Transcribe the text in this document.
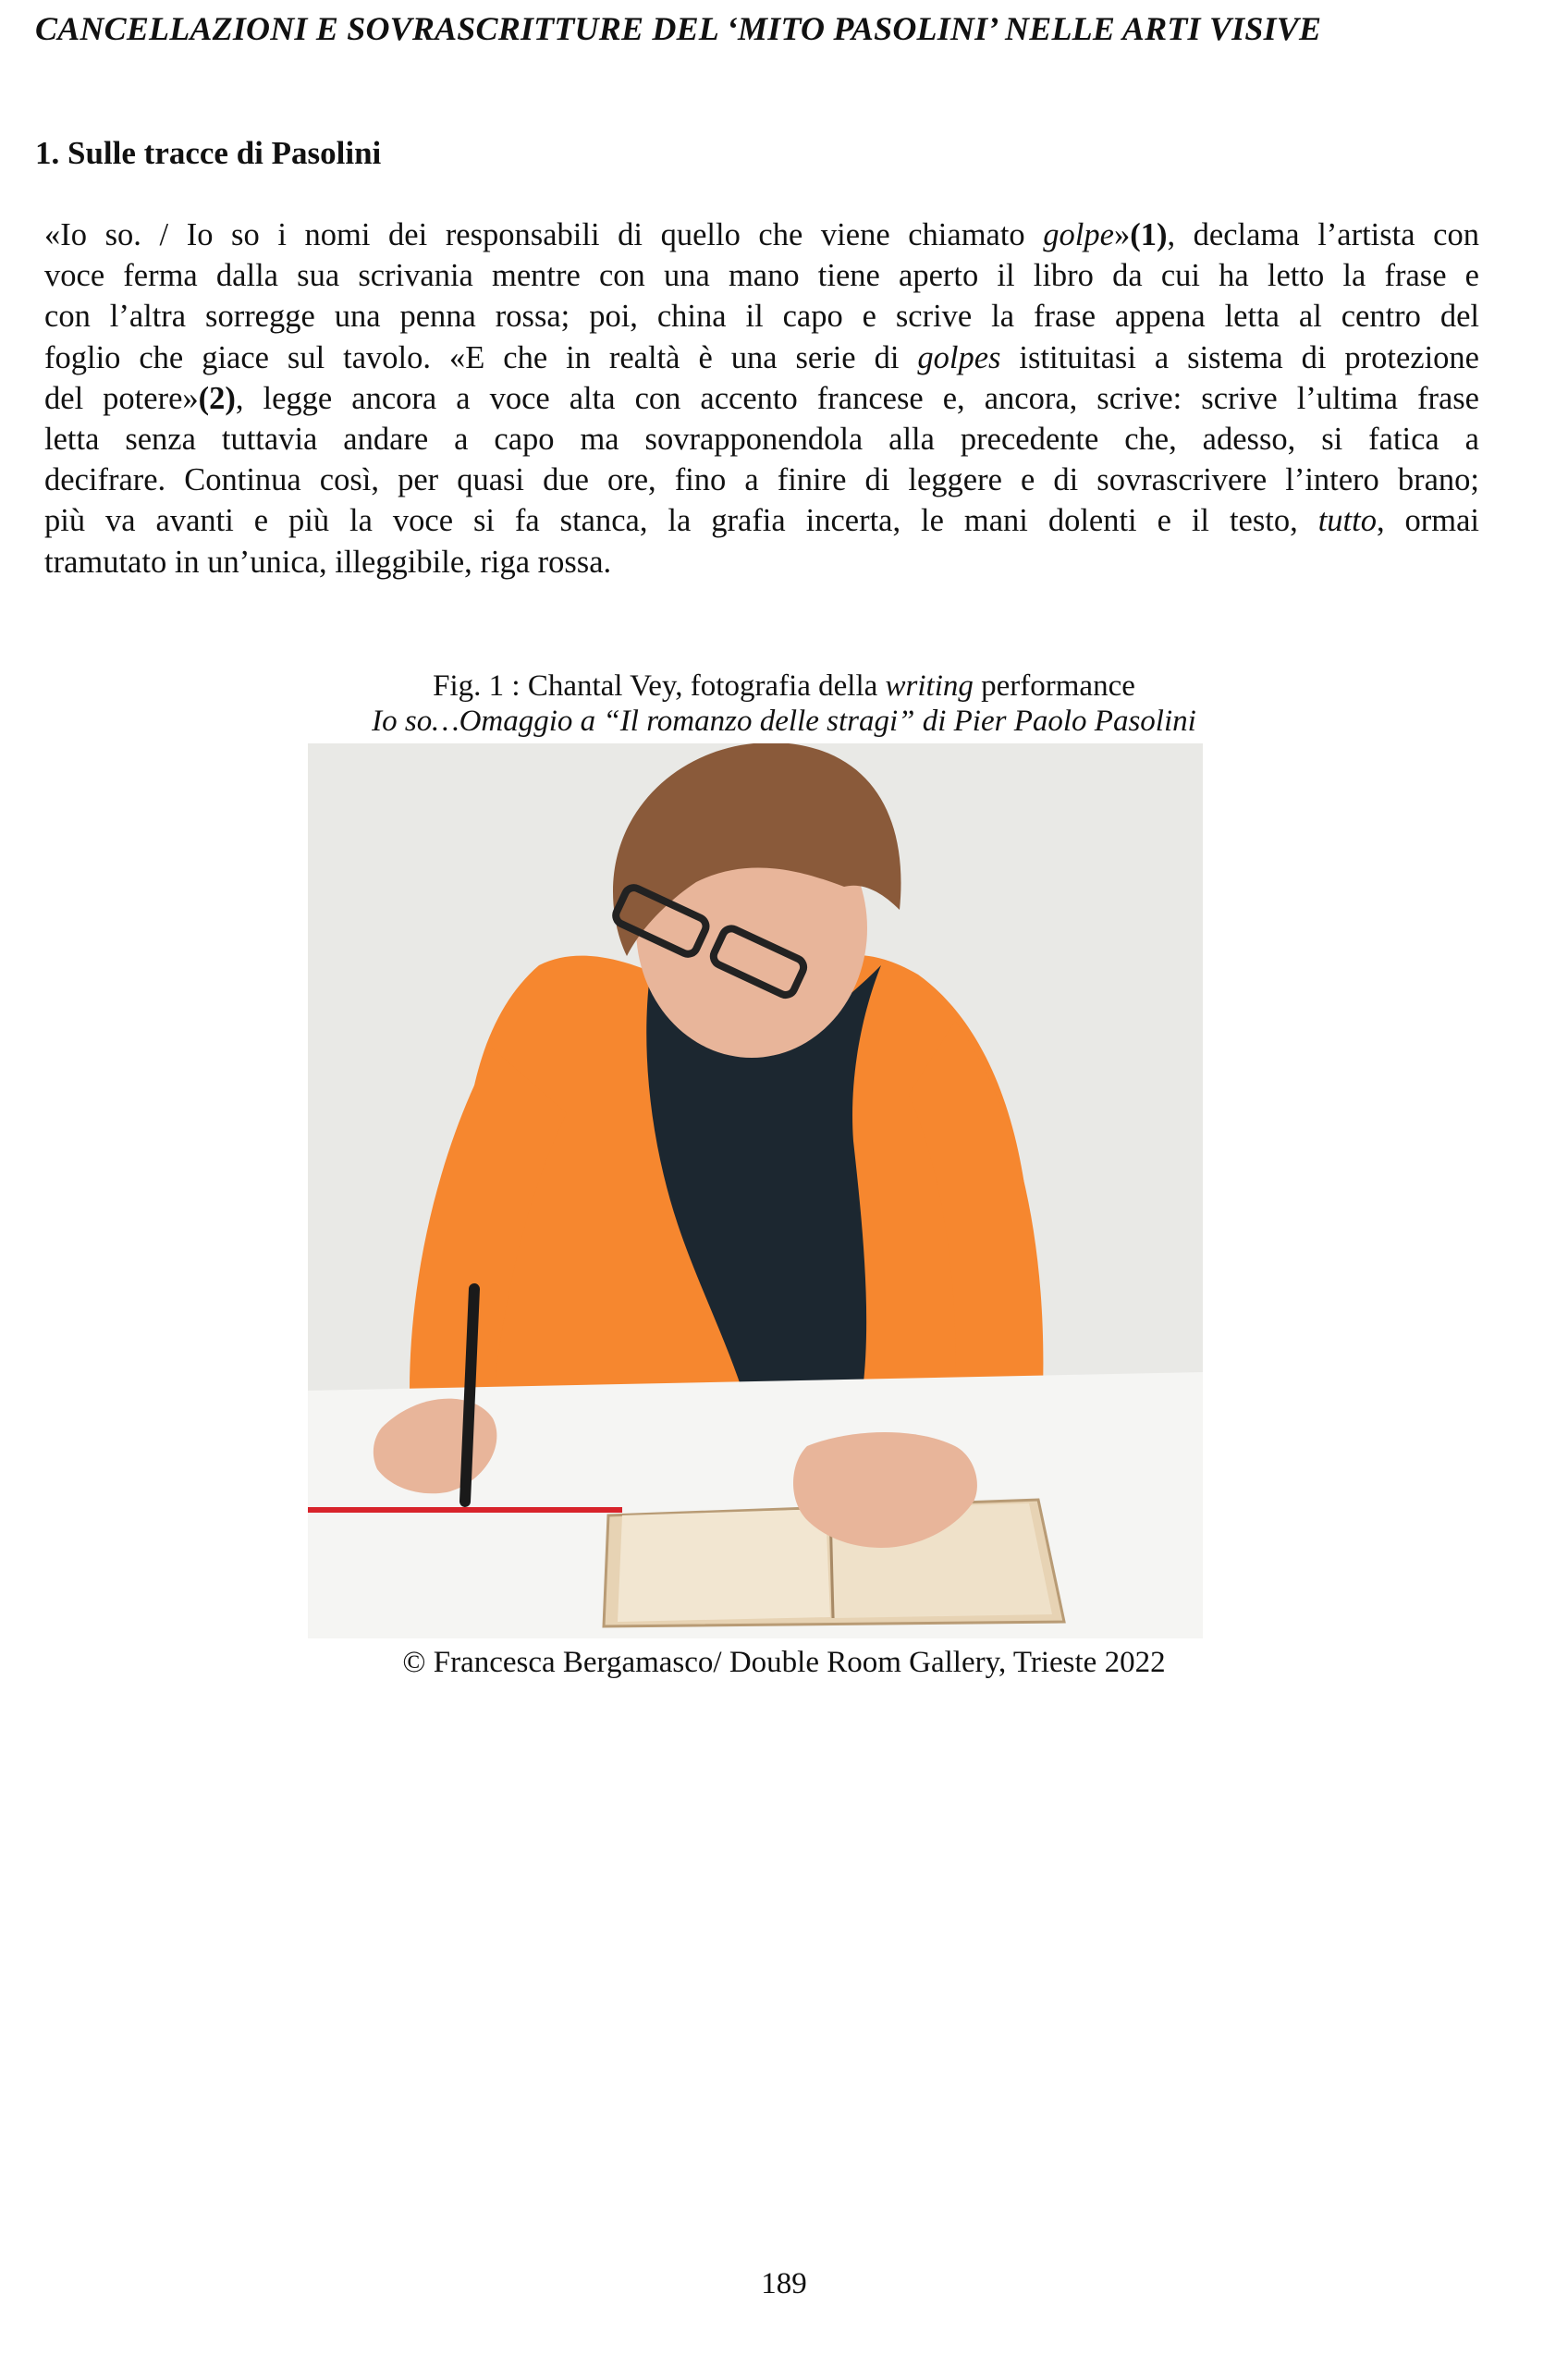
CANCELLAZIONI E SOVRASCRITTURE DEL ‘MITO PASOLINI’ NELLE ARTI VISIVE
1. Sulle tracce di Pasolini
«Io so. / Io so i nomi dei responsabili di quello che viene chiamato golpe»(1), declama l’artista con
voce ferma dalla sua scrivania mentre con una mano tiene aperto il libro da cui ha letto la frase e
con l’altra sorregge una penna rossa; poi, china il capo e scrive la frase appena letta al centro del
foglio che giace sul tavolo. «E che in realtà è una serie di golpes istituitasi a sistema di protezione
del potere»(2), legge ancora a voce alta con accento francese e, ancora, scrive: scrive l’ultima frase
letta senza tuttavia andare a capo ma sovrapponendola alla precedente che, adesso, si fatica a
decifrare. Continua così, per quasi due ore, fino a finire di leggere e di sovrascrivere l’intero brano;
più va avanti e più la voce si fa stanca, la grafia incerta, le mani dolenti e il testo, tutto, ormai
tramutato in un’unica, illeggibile, riga rossa.
Fig. 1 : Chantal Vey, fotografia della writing performance
Io so…Omaggio a “Il romanzo delle stragi” di Pier Paolo Pasolini
© Francesca Bergamasco/ Double Room Gallery, Trieste 2022
189
